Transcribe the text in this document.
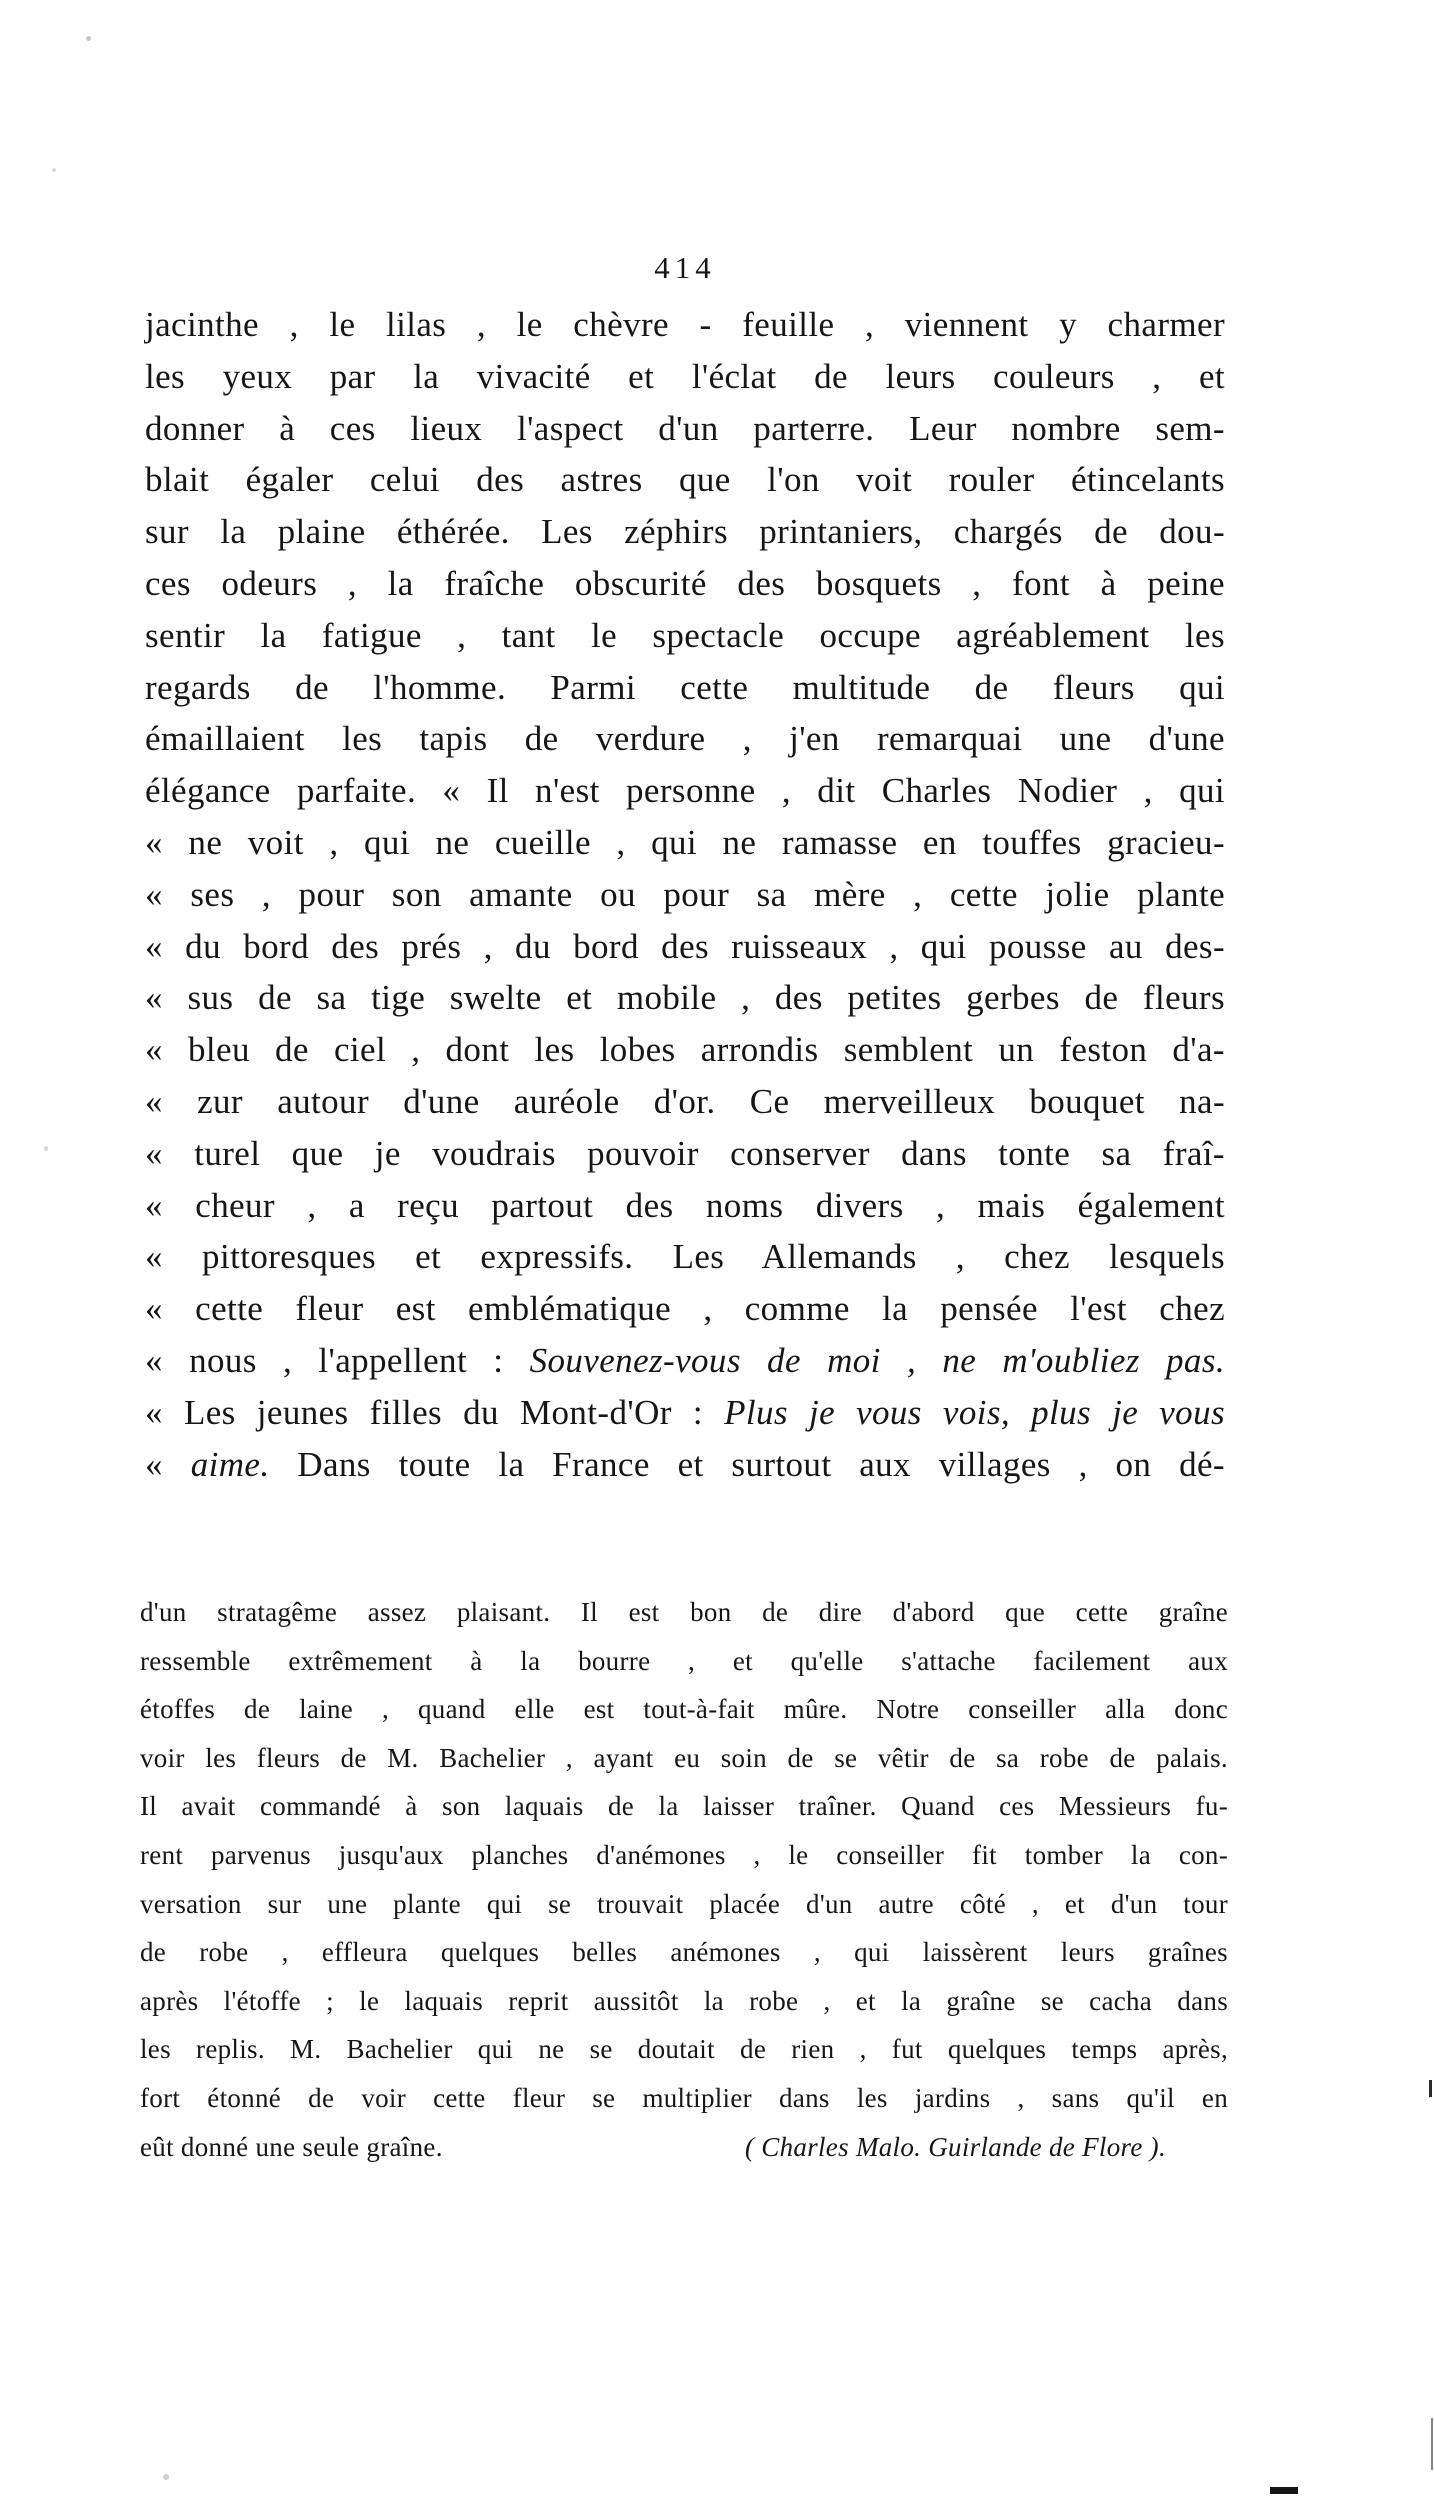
414
jacinthe , le lilas , le chèvre - feuille , viennent y charmer
les yeux par la vivacité et l'éclat de leurs couleurs , et
donner à ces lieux l'aspect d'un parterre. Leur nombre sem-
blait égaler celui des astres que l'on voit rouler étincelants
sur la plaine éthérée. Les zéphirs printaniers, chargés de dou-
ces odeurs , la fraîche obscurité des bosquets , font à peine
sentir la fatigue , tant le spectacle occupe agréablement les
regards de l'homme. Parmi cette multitude de fleurs qui
émaillaient les tapis de verdure , j'en remarquai une d'une
élégance parfaite. « Il n'est personne , dit Charles Nodier , qui
« ne voit , qui ne cueille , qui ne ramasse en touffes gracieu-
« ses , pour son amante ou pour sa mère , cette jolie plante
« du bord des prés , du bord des ruisseaux , qui pousse au des-
« sus de sa tige swelte et mobile , des petites gerbes de fleurs
« bleu de ciel , dont les lobes arrondis semblent un feston d'a-
« zur autour d'une auréole d'or. Ce merveilleux bouquet na-
« turel que je voudrais pouvoir conserver dans tonte sa fraî-
« cheur , a reçu partout des noms divers , mais également
« pittoresques et expressifs. Les Allemands , chez lesquels
« cette fleur est emblématique , comme la pensée l'est chez
« nous , l'appellent : Souvenez-vous de moi , ne m'oubliez pas.
« Les jeunes filles du Mont-d'Or : Plus je vous vois, plus je vous
« aime. Dans toute la France et surtout aux villages , on dé-
d'un stratagême assez plaisant. Il est bon de dire d'abord que cette graîne
ressemble extrêmement à la bourre , et qu'elle s'attache facilement aux
étoffes de laine , quand elle est tout-à-fait mûre. Notre conseiller alla donc
voir les fleurs de M. Bachelier , ayant eu soin de se vêtir de sa robe de palais.
Il avait commandé à son laquais de la laisser traîner. Quand ces Messieurs fu-
rent parvenus jusqu'aux planches d'anémones , le conseiller fit tomber la con-
versation sur une plante qui se trouvait placée d'un autre côté , et d'un tour
de robe , effleura quelques belles anémones , qui laissèrent leurs graînes
après l'étoffe ; le laquais reprit aussitôt la robe , et la graîne se cacha dans
les replis. M. Bachelier qui ne se doutait de rien , fut quelques temps après,
fort étonné de voir cette fleur se multiplier dans les jardins , sans qu'il en
eût donné une seule graîne.	( Charles Malo. Guirlande de Flore ).
